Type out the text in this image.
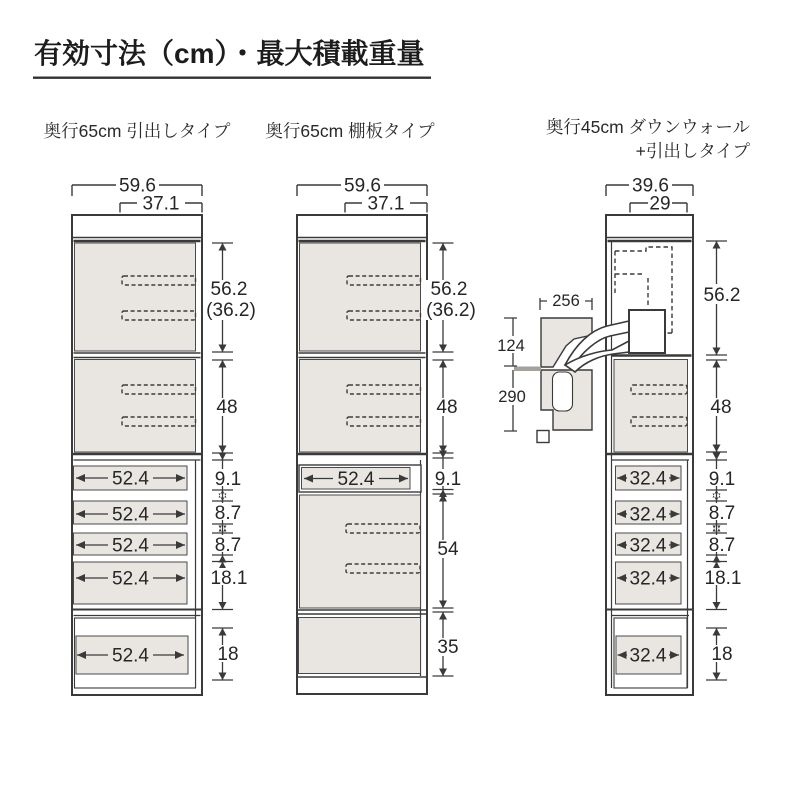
有効寸法（cm）・最大積載重量
奥行65cm 引出しタイプ 奥行65cm 棚板タイプ	奥行45cm ダウンウォール
+引出しタイプ
59.6
37.1
52.4
52.4
52.4
52.4
52.4
56.2
(36.2)
48
9.1
8.7
8.7
18.1
18
59.6
37.1
52.4
56.2
(36.2)
48
9.1
54
35
39.6
29
32.4
32.4
32.4
32.4
32.4
56.2
48
9.1
8.7
8.7
18.1
18
256
124
290
